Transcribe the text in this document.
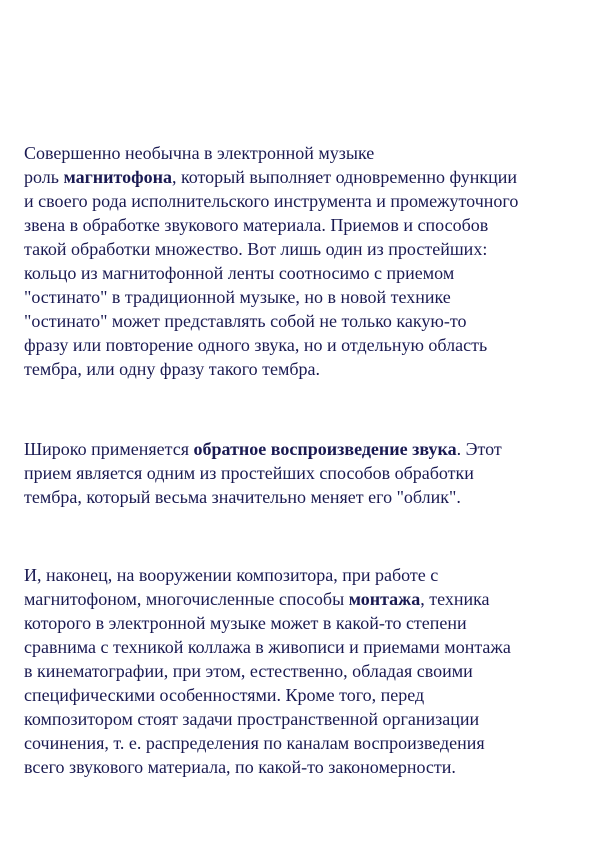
Совершенно необычна в электронной музыке
роль магнитофона, который выполняет одновременно функции
и своего рода исполнительского инструмента и промежуточного
звена в обработке звукового материала. Приемов и способов
такой обработки множество. Вот лишь один из простейших:
кольцо из магнитофонной ленты соотносимо с приемом
"остинато" в традиционной музыке, но в новой технике
"остинато" может представлять собой не только какую-то
фразу или повторение одного звука, но и отдельную область
тембра, или одну фразу такого тембра.

Широко применяется обратное воспроизведение звука. Этот
прием является одним из простейших способов обработки
тембра, который весьма значительно меняет его "облик".

И, наконец, на вооружении композитора, при работе с
магнитофоном, многочисленные способы монтажа, техника
которого в электронной музыке может в какой-то степени
сравнима с техникой коллажа в живописи и приемами монтажа
в кинематографии, при этом, естественно, обладая своими
специфическими особенностями. Кроме того, перед
композитором стоят задачи пространственной организации
сочинения, т. е. распределения по каналам воспроизведения
всего звукового материала, по какой-то закономерности.
